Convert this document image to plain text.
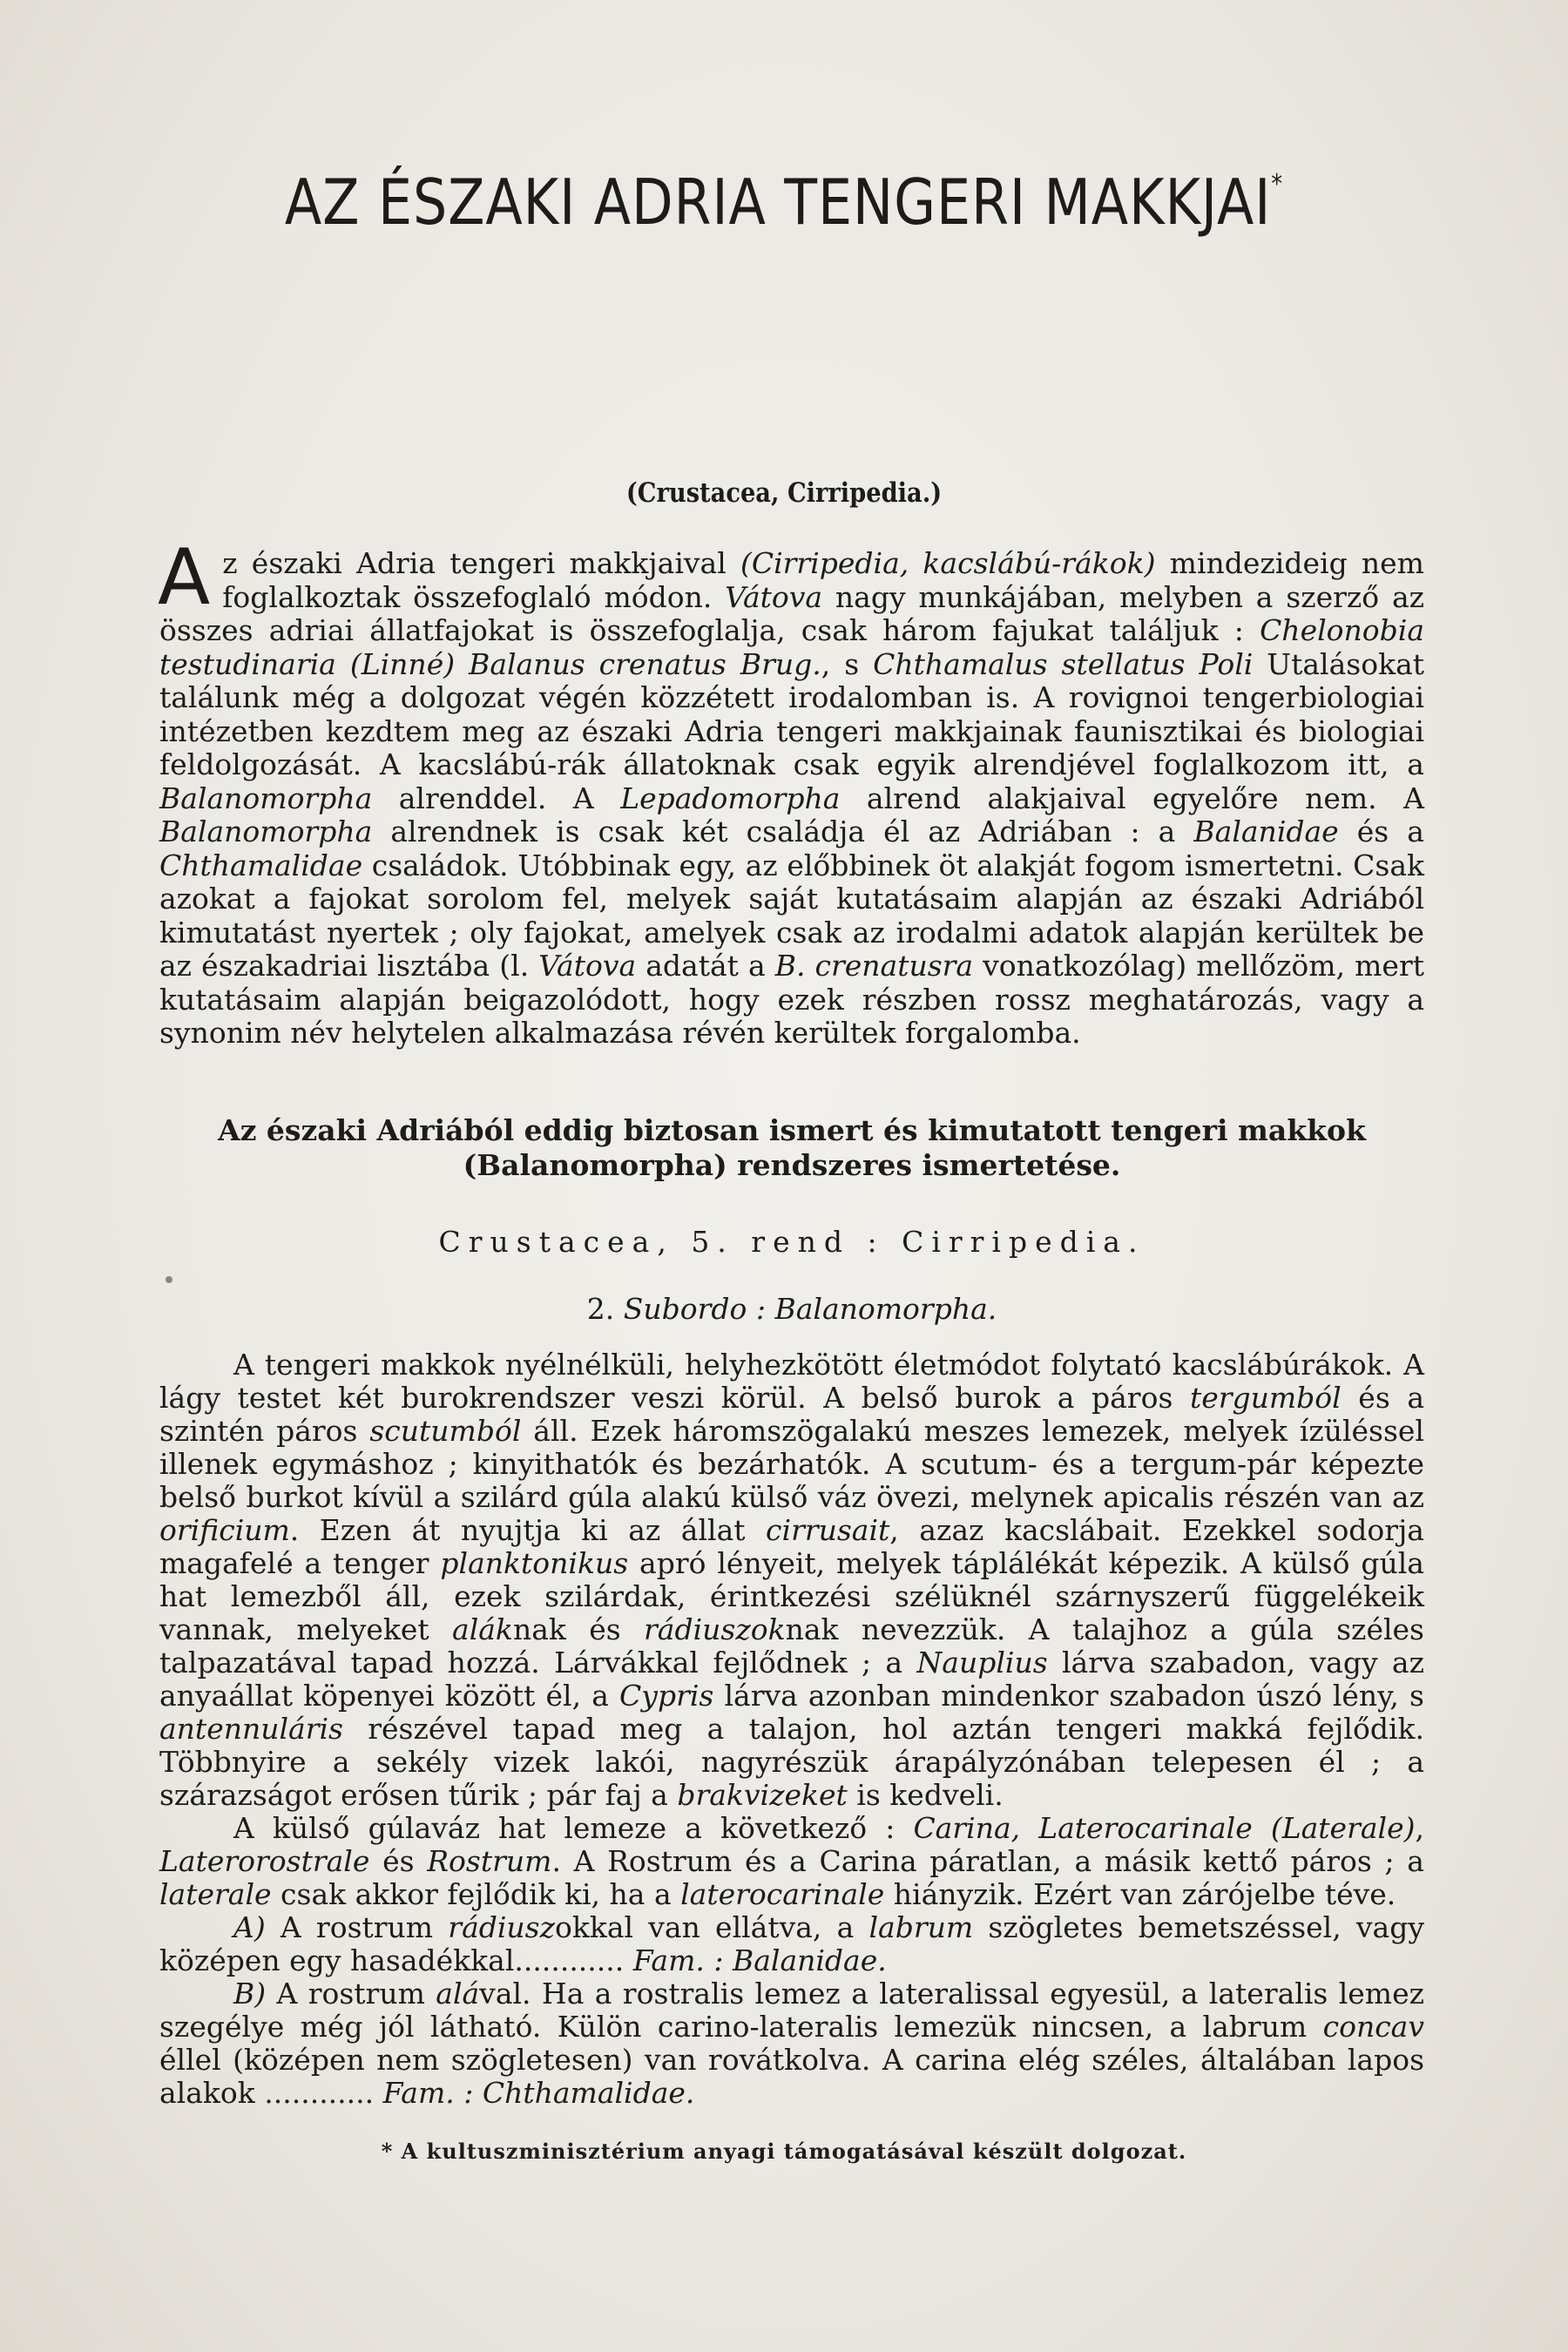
AZ ÉSZAKI ADRIA TENGERI MAKKJAI*
(Crustacea, Cirripedia.)
A z északi Adria tengeri makkjaival (Cirripedia, kacslábú-rákok) mindezideig nem foglalkoztak összefoglaló módon. Vátova nagy munkájában, melyben a szerző az összes adriai állatfajokat is összefoglalja, csak három fajukat találjuk : Chelonobia testudinaria (Linné) Balanus crenatus Brug., s Chthamalus stellatus Poli Utalásokat találunk még a dolgozat végén közzétett irodalomban is. A rovignoi tengerbiologiai intézetben kezdtem meg az északi Adria tengeri makkjainak faunisztikai és biologiai feldolgozását. A kacslábú-rák állatoknak csak egyik alrendjével foglalkozom itt, a Balanomorpha alrenddel. A Lepadomorpha alrend alakjaival egyelőre nem. A Balanomorpha alrendnek is csak két családja él az Adriában : a Balanidae és a Chthamalidae családok. Utóbbinak egy, az előbbinek öt alakját fogom ismertetni. Csak azokat a fajokat sorolom fel, melyek saját kutatásaim alapján az északi Adriából kimutatást nyertek ; oly fajokat, amelyek csak az irodalmi adatok alapján kerültek be az északadriai lisztába (l. Vátova adatát a B. crenatusra vonatkozólag) mellőzöm, mert kutatásaim alapján beigazolódott, hogy ezek részben rossz meghatározás, vagy a synonim név helytelen alkalmazása révén kerültek forgalomba.

Az északi Adriából eddig biztosan ismert és kimutatott tengeri makkok (Balanomorpha) rendszeres ismertetése.
Crustacea, 5. rend : Cirripedia.
2. Subordo : Balanomorpha.

A tengeri makkok nyélnélküli, helyhezkötött életmódot folytató kacslábúrákok. A lágy testet két burokrendszer veszi körül. A belső burok a páros tergumból és a szintén páros scutumból áll. Ezek háromszögalakú meszes lemezek, melyek ízüléssel illenek egymáshoz ; kinyithatók és bezárhatók. A scutum- és a tergum-pár képezte belső burkot kívül a szilárd gúla alakú külső váz övezi, melynek apicalis részén van az orificium. Ezen át nyujtja ki az állat cirrusait, azaz kacslábait. Ezekkel sodorja magafelé a tenger planktonikus apró lényeit, melyek táplálékát képezik. A külső gúla hat lemezből áll, ezek szilárdak, érintkezési szélüknél szárnyszerű függelékeik vannak, melyeket aláknak és rádiuszoknak nevezzük. A talajhoz a gúla széles talpazatával tapad hozzá. Lárvákkal fejlődnek ; a Nauplius lárva szabadon, vagy az anyaállat köpenyei között él, a Cypris lárva azonban mindenkor szabadon úszó lény, s antennuláris részével tapad meg a talajon, hol aztán tengeri makká fejlődik. Többnyire a sekély vizek lakói, nagyrészük árapályzónában telepesen él ; a szárazságot erősen tűrik ; pár faj a brakvizeket is kedveli.

A külső gúlaváz hat lemeze a következő : Carina, Laterocarinale (Laterale), Laterorostrale és Rostrum. A Rostrum és a Carina páratlan, a másik kettő páros ; a laterale csak akkor fejlődik ki, ha a laterocarinale hiányzik. Ezért van zárójelbe téve.

A) A rostrum rádiuszokkal van ellátva, a labrum szögletes bemetszéssel, vagy középen egy hasadékkal............ Fam. : Balanidae.

B) A rostrum alával. Ha a rostralis lemez a lateralissal egyesül, a lateralis lemez szegélye még jól látható. Külön carino-lateralis lemezük nincsen, a labrum concav éllel (középen nem szögletesen) van rovátkolva. A carina elég széles, általában lapos alakok ............ Fam. : Chthamalidae.

* A kultuszminisztérium anyagi támogatásával készült dolgozat.
